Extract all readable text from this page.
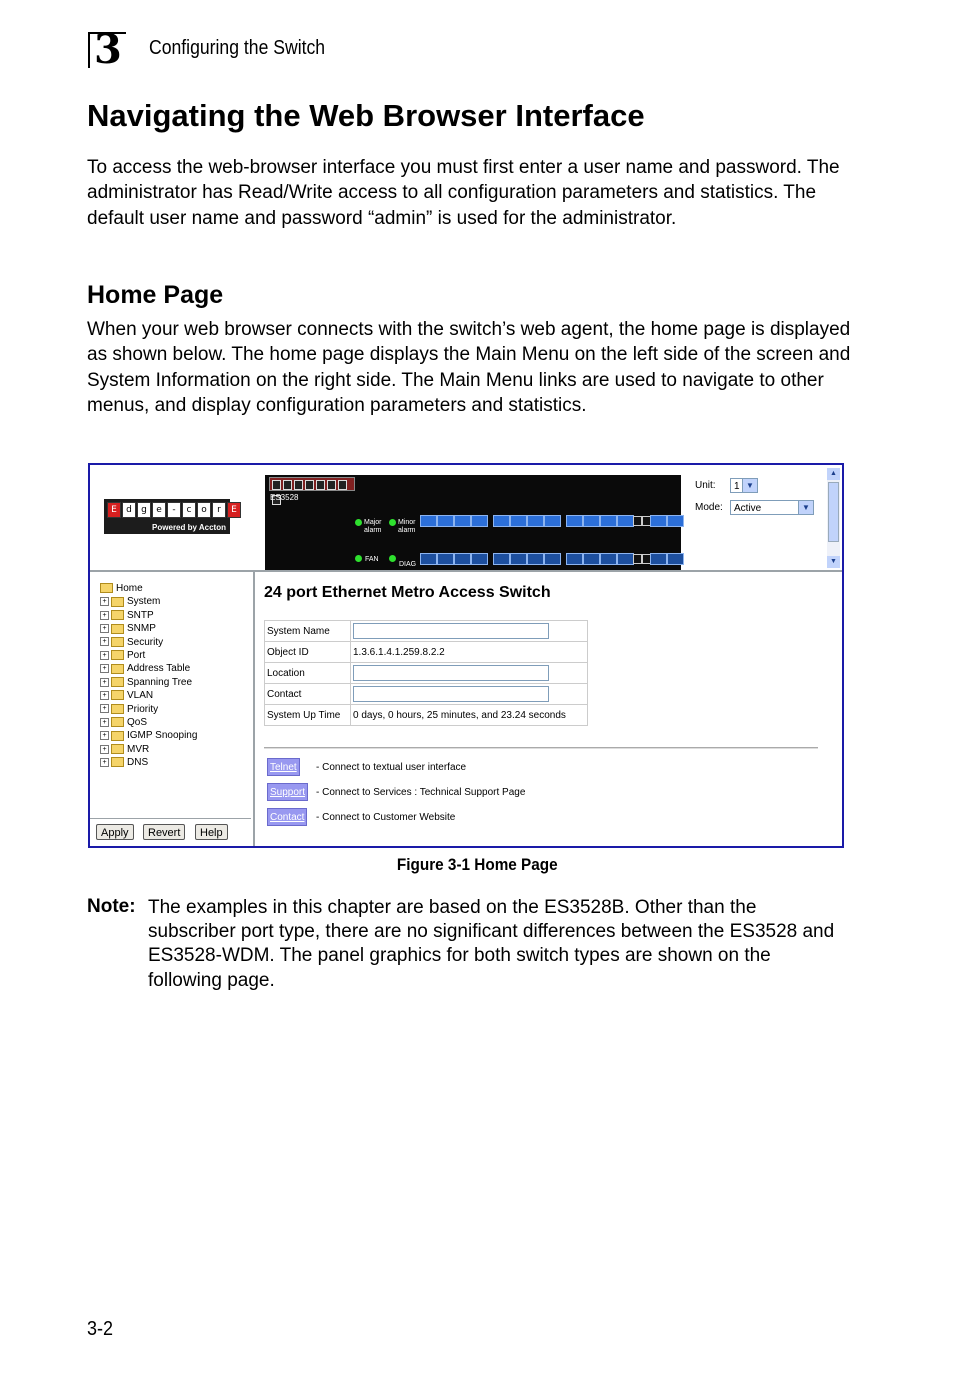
3 Configuring the Switch
Navigating the Web Browser Interface

To access the web-browser interface you must first enter a user name and password. The administrator has Read/Write access to all configuration parameters and statistics. The default user name and password “admin” is used for the administrator.

Home Page

When your web browser connects with the switch’s web agent, the home page is displayed as shown below. The home page displays the Main Menu on the left side of the screen and System Information on the right side. The Main Menu links are used to navigate to other menus, and display configuration parameters and statistics.

E	d	g	e	-	c	o	r	E
Powered by Accton
ES3528
Major alarm
Minor alarm
FAN
DIAG
Unit:	1 ▼
Mode:	Active	▼
▲
▼
Home
+ System
+ SNTP
+ SNMP
+ Security
+ Port
+ Address Table
+ Spanning Tree
+ VLAN
+ Priority
+ QoS
+ IGMP Snooping
+ MVR
+ DNS
Apply	Revert	Help
24 port Ethernet Metro Access Switch
System Name	

Object ID	1.3.6.1.4.1.259.8.2.2
Location	

Contact	

System Up Time	0 days, 0 hours, 25 minutes, and 23.24 seconds
Telnet	- Connect to textual user interface
Support	- Connect to Services : Technical Support Page
Contact	- Connect to Customer Website
Figure 3-1 Home Page
Note: The examples in this chapter are based on the ES3528B. Other than the subscriber port type, there are no significant differences between the ES3528 and ES3528-WDM. The panel graphics for both switch types are shown on the following page.

3-2
